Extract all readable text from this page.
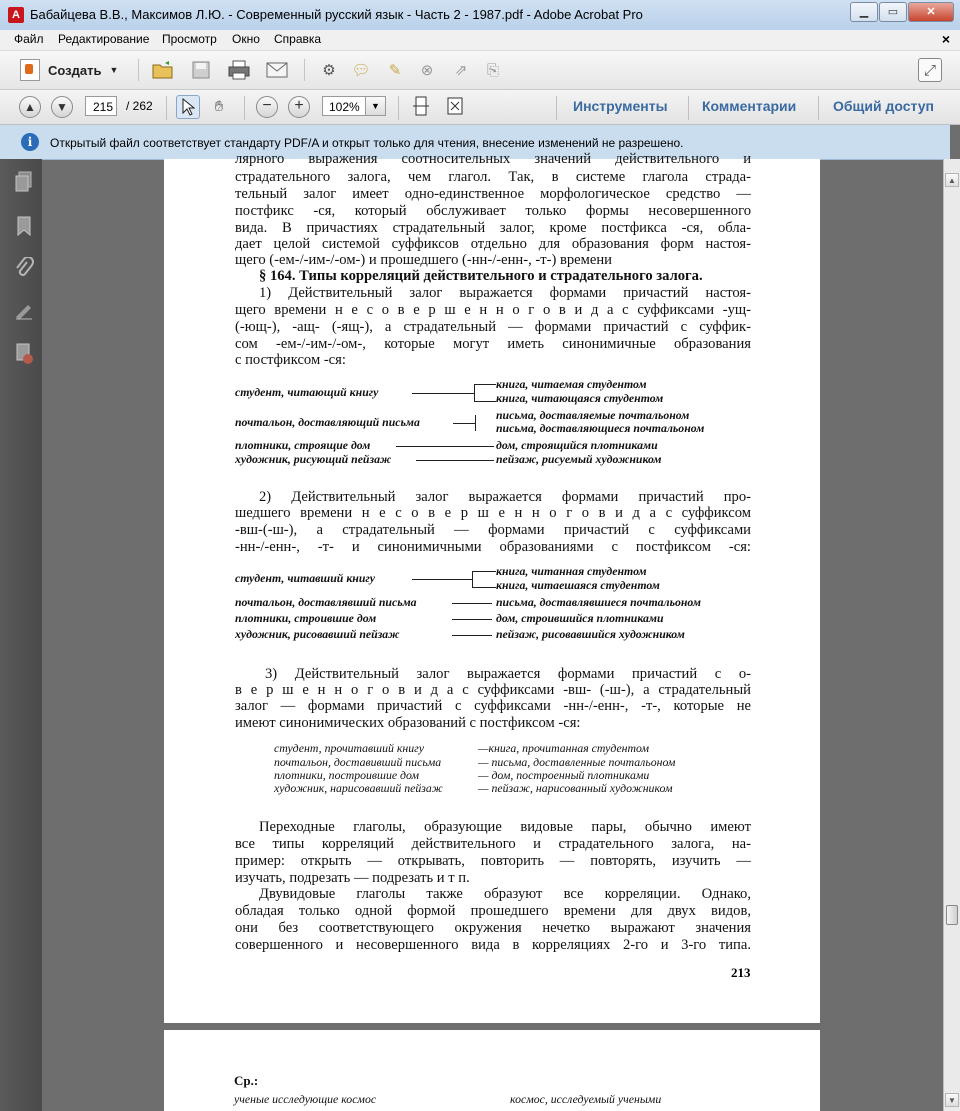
A Бабайцева В.В., Максимов Л.Ю. - Современный русский язык - Часть 2 - 1987.pdf - Adobe Acrobat Pro	▁	▭	✕
Файл Редактирование Просмотр Окно Справка	×
Создать ▼	⚙ 💬︎	✎	⊗	⇗	⎘	⤢
▲	▼	215	/ 262	✋︎	−	+	102%	▼	Инструменты Комментарии	Общий доступ
i	Открытый файл соответствует стандарту PDF/A и открыт только для чтения, внесение изменений не разрешено.
▲
▼
лярного выражения соотносительных значений действительного и
страдательного залога, чем глагол. Так, в системе глагола страда-
тельный залог имеет одно-единственное морфологическое средство —
постфикс -ся, который обслуживает только формы несовершенного
вида. В причастиях страдательный залог, кроме постфикса -ся, обла-
дает целой системой суффиксов отдельно для образования форм настоя-
щего (-ем-/-им-/-ом-) и прошедшего (-нн-/-енн-, -т-) времени
§ 164. Типы корреляций действительного и страдательного залога.
1) Действительный залог выражается формами причастий настоя-
щего времени н е с о в е р ш е н н о г о в и д а с суффиксами -ущ-
(-ющ-), -ащ- (-ящ-), а страдательный — формами причастий с суффик-
сом -ем-/-им-/-ом-, которые могут иметь синонимичные образования
с постфиксом -ся:
студент, читающий книгу
книга, читаемая студентом
книга, читающаяся студентом
почтальон, доставляющий письма	письма, доставляемые почтальоном
письма, доставляющиеся почтальоном
плотники, строящие дом	дом, строящийся плотниками
художник, рисующий пейзаж	пейзаж, рисуемый художником
2) Действительный залог выражается формами причастий про-
шедшего времени н е с о в е р ш е н н о г о в и д а с суффиксом
-вш-(-ш-), а страдательный — формами причастий с суффиксами
-нн-/-енн-, -т- и синонимичными образованиями с постфиксом -ся:
студент, читавший книгу	книга, читанная студентом
книга, читаешаяся студентом
почтальон, доставлявший письма	письма, доставлявшиеся почтальоном
плотники, строившие дом	дом, строившийся плотниками
художник, рисовавший пейзаж	пейзаж, рисовавшийся художником
3) Действительный залог выражается формами причастий с о-
в е р ш е н н о г о в и д а с суффиксами -вш- (-ш-), а страдательный
залог — формами причастий с суффиксами -нн-/-енн-, -т-, которые не
имеют синонимических образований с постфиксом -ся:
студент, прочитавший книгу	—книга, прочитанная студентом
почтальон, доставивший письма	— письма, доставленные почтальоном
плотники, построившие дом	— дом, построенный плотниками
художник, нарисовавший пейзаж	— пейзаж, нарисованный художником
Переходные глаголы, образующие видовые пары, обычно имеют
все типы корреляций действительного и страдательного залога, на-
пример: открыть — открывать, повторить — повторять, изучить —
изучать, подрезать — подрезать и т п.
Двувидовые глаголы также образуют все корреляции. Однако,
обладая только одной формой прошедшего времени для двух видов,
они без соответствующего окружения нечетко выражают значения
совершенного и несовершенного вида в корреляциях 2-го и 3-го типа.
213
Ср.:
ученые исследующие космос	космос, исследуемый учеными
